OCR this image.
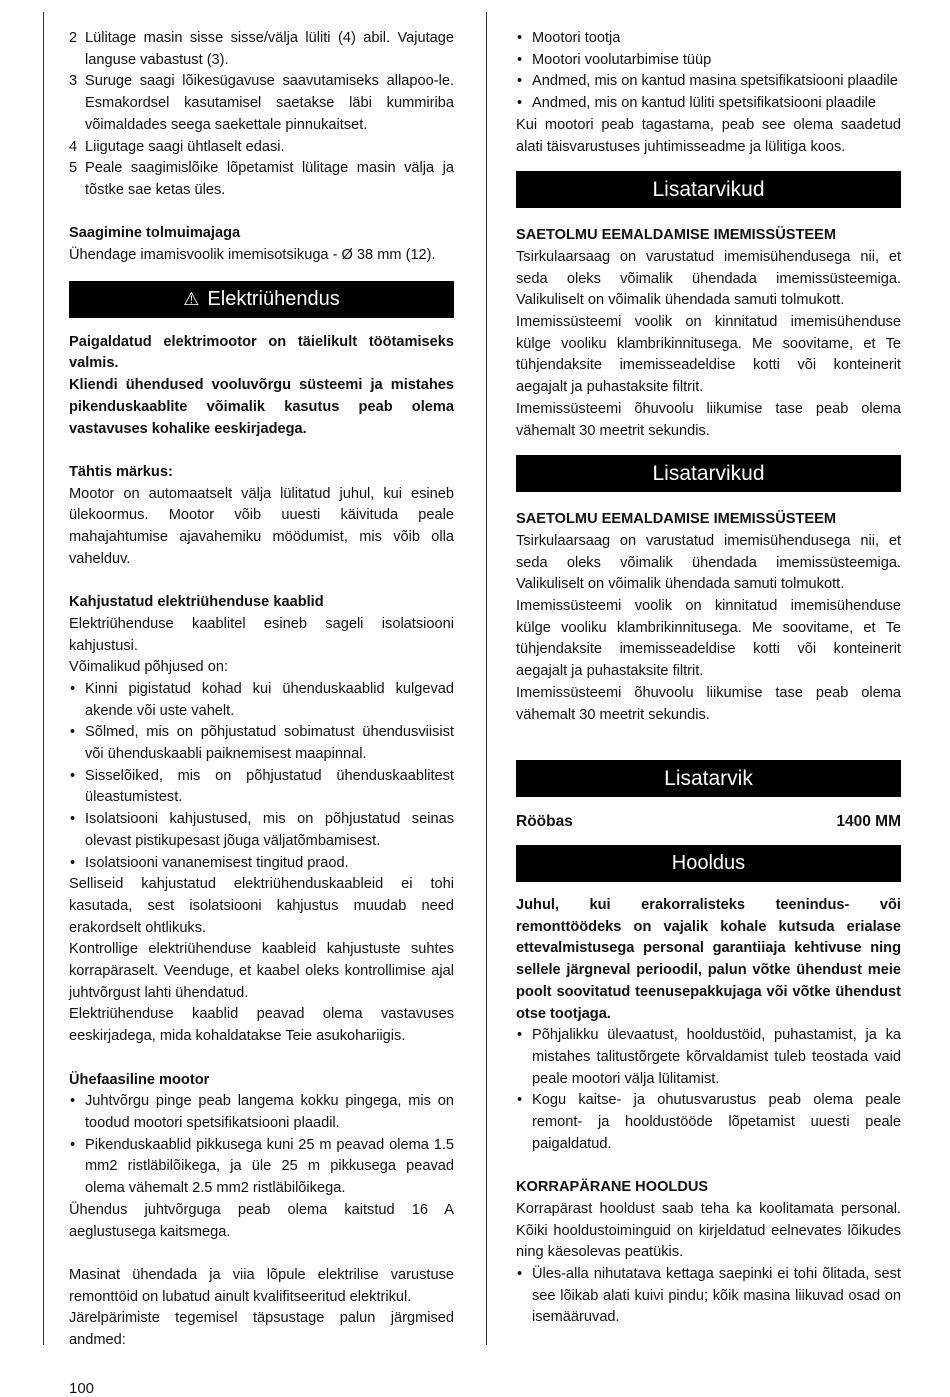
2 Lülitage masin sisse sisse/välja lüliti (4) abil. Vajutage languse vabastust (3).

3 Suruge saagi lõikesügavuse saavutamiseks allapoo-le. Esmakordsel kasutamisel saetakse läbi kummiriba võimaldades seega saekettale pinnukaitset.

4 Liigutage saagi ühtlaselt edasi.

5 Peale saagimislõike lõpetamist lülitage masin välja ja tõstke sae ketas üles.

Saagimine tolmuimajaga

Ühendage imamisvoolik imemisotsikuga - Ø 38 mm (12).

⚠ Elektriühendus

Paigaldatud elektrimootor on täielikult töötamiseks valmis.

Kliendi ühendused vooluvõrgu süsteemi ja mistahes pikenduskaablite võimalik kasutus peab olema vastavuses kohalike eeskirjadega.

Tähtis märkus:

Mootor on automaatselt välja lülitatud juhul, kui esineb ülekoormus. Mootor võib uuesti käivituda peale mahajahtumise ajavahemiku möödumist, mis võib olla vahelduv.

Kahjustatud elektriühenduse kaablid

Elektriühenduse kaablitel esineb sageli isolatsiooni kahjustusi.

Võimalikud põhjused on:

• Kinni pigistatud kohad kui ühenduskaablid kulgevad akende või uste vahelt.

• Sõlmed, mis on põhjustatud sobimatust ühendusviisist või ühenduskaabli paiknemisest maapinnal.

• Sisselõiked, mis on põhjustatud ühenduskaablitest üleastumistest.

• Isolatsiooni kahjustused, mis on põhjustatud seinas olevast pistikupesast jõuga väljatõmbamisest.

• Isolatsiooni vananemisest tingitud praod.

Selliseid kahjustatud elektriühenduskaableid ei tohi kasutada, sest isolatsiooni kahjustus muudab need erakordselt ohtlikuks.

Kontrollige elektriühenduse kaableid kahjustuste suhtes korrapäraselt. Veenduge, et kaabel oleks kontrollimise ajal juhtvõrgust lahti ühendatud.

Elektriühenduse kaablid peavad olema vastavuses eeskirjadega, mida kohaldatakse Teie asukohariigis.

Ühefaasiline mootor

• Juhtvõrgu pinge peab langema kokku pingega, mis on toodud mootori spetsifikatsiooni plaadil.

• Pikenduskaablid pikkusega kuni 25 m peavad olema 1.5 mm2 ristläbilõikega, ja üle 25 m pikkusega peavad olema vähemalt 2.5 mm2 ristläbilõikega.

Ühendus juhtvõrguga peab olema kaitstud 16 A aeglustusega kaitsmega.

Masinat ühendada ja viia lõpule elektrilise varustuse remonttöid on lubatud ainult kvalifitseeritud elektrikul.

Järelpärimiste tegemisel täpsustage palun järgmised andmed:

• Mootori tootja

• Mootori voolutarbimise tüüp

• Andmed, mis on kantud masina spetsifikatsiooni plaadile

• Andmed, mis on kantud lüliti spetsifikatsiooni plaadile

Kui mootori peab tagastama, peab see olema saadetud alati täisvarustuses juhtimisseadme ja lülitiga koos.

Lisatarvikud

SAETOLMU EEMALDAMISE IMEMISSÜSTEEM

Tsirkulaarsaag on varustatud imemisühendusega nii, et seda oleks võimalik ühendada imemissüsteemiga. Valikuliselt on võimalik ühendada samuti tolmukott.

Imemissüsteemi voolik on kinnitatud imemisühenduse külge vooliku klambrikinnitusega. Me soovitame, et Te tühjendaksite imemisseadeldise kotti või konteinerit aegajalt ja puhastaksite filtrit.

Imemissüsteemi õhuvoolu liikumise tase peab olema vähemalt 30 meetrit sekundis.

Lisatarvikud

SAETOLMU EEMALDAMISE IMEMISSÜSTEEM

Tsirkulaarsaag on varustatud imemisühendusega nii, et seda oleks võimalik ühendada imemissüsteemiga. Valikuliselt on võimalik ühendada samuti tolmukott.

Imemissüsteemi voolik on kinnitatud imemisühenduse külge vooliku klambrikinnitusega. Me soovitame, et Te tühjendaksite imemisseadeldise kotti või konteinerit aegajalt ja puhastaksite filtrit.

Imemissüsteemi õhuvoolu liikumise tase peab olema vähemalt 30 meetrit sekundis.

Lisatarvik
Rööbas	1400 MM
Hooldus

Juhul, kui erakorralisteks teenindus- või remonttöödeks on vajalik kohale kutsuda erialase ettevalmistusega personal garantiiaja kehtivuse ning sellele järgneval perioodil, palun võtke ühendust meie poolt soovitatud teenusepakkujaga või võtke ühendust otse tootjaga.

• Põhjalikku ülevaatust, hooldustöid, puhastamist, ja ka mistahes talitustõrgete kõrvaldamist tuleb teostada vaid peale mootori välja lülitamist.

• Kogu kaitse- ja ohutusvarustus peab olema peale remont- ja hooldustööde lõpetamist uuesti peale paigaldatud.

KORRAPÄRANE HOOLDUS

Korrapärast hooldust saab teha ka koolitamata personal. Kõiki hooldustoiminguid on kirjeldatud eelnevates lõikudes ning käesolevas peatükis.

• Üles-alla nihutatava kettaga saepinki ei tohi õlitada, sest see lõikab alati kuivi pindu; kõik masina liikuvad osad on isemääruvad.

100
